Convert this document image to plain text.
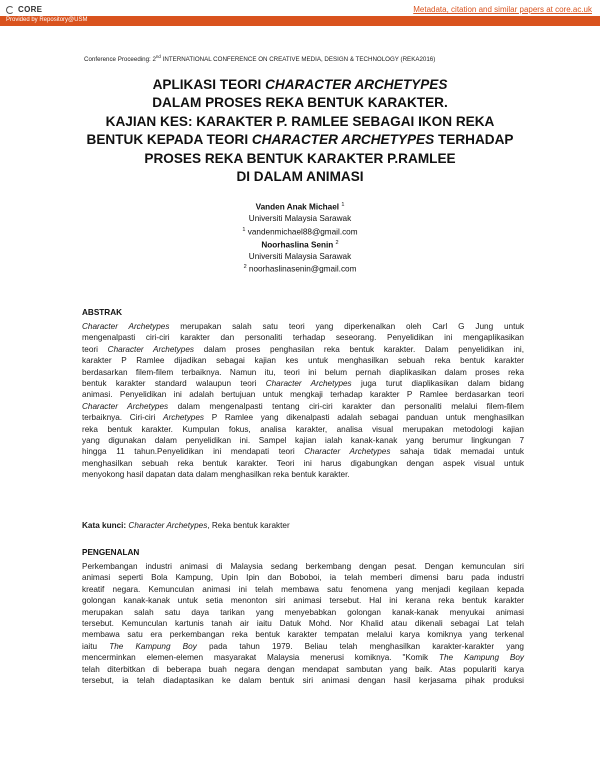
CORE	Metadata, citation and similar papers at core.ac.uk
Provided by Repository@USM
Conference Proceeding: 2nd INTERNATIONAL CONFERENCE ON CREATIVE MEDIA, DESIGN & TECHNOLOGY (REKA2016)
APLIKASI TEORI CHARACTER ARCHETYPES
DALAM PROSES REKA BENTUK KARAKTER.
KAJIAN KES: KARAKTER P. RAMLEE SEBAGAI IKON REKA
BENTUK KEPADA TEORI CHARACTER ARCHETYPES TERHADAP
PROSES REKA BENTUK KARAKTER P.RAMLEE
DI DALAM ANIMASI
Vanden Anak Michael $^1$
Universiti Malaysia Sarawak
$^1$ vandenmichael88@gmail.com
Noorhaslina Senin $^2$
Universiti Malaysia Sarawak
$^2$ noorhaslinasenin@gmail.com
ABSTRAK
Character Archetypes merupakan salah satu teori yang diperkenalkan oleh Carl G Jung untuk
mengenalpasti ciri-ciri karakter dan personaliti terhadap seseorang. Penyelidikan ini mengaplikasikan
teori Character Archetypes dalam proses penghasilan reka bentuk karakter. Dalam penyelidikan ini,
karakter P Ramlee dijadikan sebagai kajian kes untuk menghasilkan sebuah reka bentuk karakter
berdasarkan filem-filem terbaiknya. Namun itu, teori ini belum pernah diaplikasikan dalam proses reka
bentuk karakter standard walaupun teori Character Archetypes juga turut diaplikasikan dalam bidang
animasi. Penyelidikan ini adalah bertujuan untuk mengkaji terhadap karakter P Ramlee berdasarkan teori
Character Archetypes dalam mengenalpasti tentang ciri-ciri karakter dan personaliti melalui filem-filem
terbaiknya. Ciri-ciri Archetypes P Ramlee yang dikenalpasti adalah sebagai panduan untuk menghasilkan
reka bentuk karakter. Kumpulan fokus, analisa karakter, analisa visual merupakan metodologi kajian
yang digunakan dalam penyelidikan ini. Sampel kajian ialah kanak-kanak yang berumur lingkungan 7
hingga 11 tahun.Penyelidikan ini mendapati teori Character Archetypes sahaja tidak memadai untuk
menghasilkan sebuah reka bentuk karakter. Teori ini harus digabungkan dengan aspek visual untuk
menyokong hasil dapatan data dalam menghasilkan reka bentuk karakter.
Kata kunci: Character Archetypes, Reka bentuk karakter
PENGENALAN
Perkembangan industri animasi di Malaysia sedang berkembang dengan pesat. Dengan kemunculan siri
animasi seperti Bola Kampung, Upin Ipin dan Boboboi, ia telah memberi dimensi baru pada industri
kreatif negara. Kemunculan animasi ini telah membawa satu fenomena yang menjadi kegilaan kepada
golongan kanak-kanak untuk setia menonton siri animasi tersebut. Hal ini kerana reka bentuk karakter
merupakan salah satu daya tarikan yang menyebabkan golongan kanak-kanak menyukai animasi
tersebut. Kemunculan kartunis tanah air iaitu Datuk Mohd. Nor Khalid atau dikenali sebagai Lat telah
membawa satu era perkembangan reka bentuk karakter tempatan melalui karya komiknya yang terkenal
iaitu The Kampung Boy pada tahun 1979. Beliau telah menghasilkan karakter-karakter yang
mencerminkan elemen-elemen masyarakat Malaysia menerusi komiknya. "Komik The Kampung Boy
telah diterbitkan di beberapa buah negara dengan mendapat sambutan yang baik. Atas populariti karya
tersebut, ia telah diadaptasikan ke dalam bentuk siri animasi dengan hasil kerjasama pihak produksi
